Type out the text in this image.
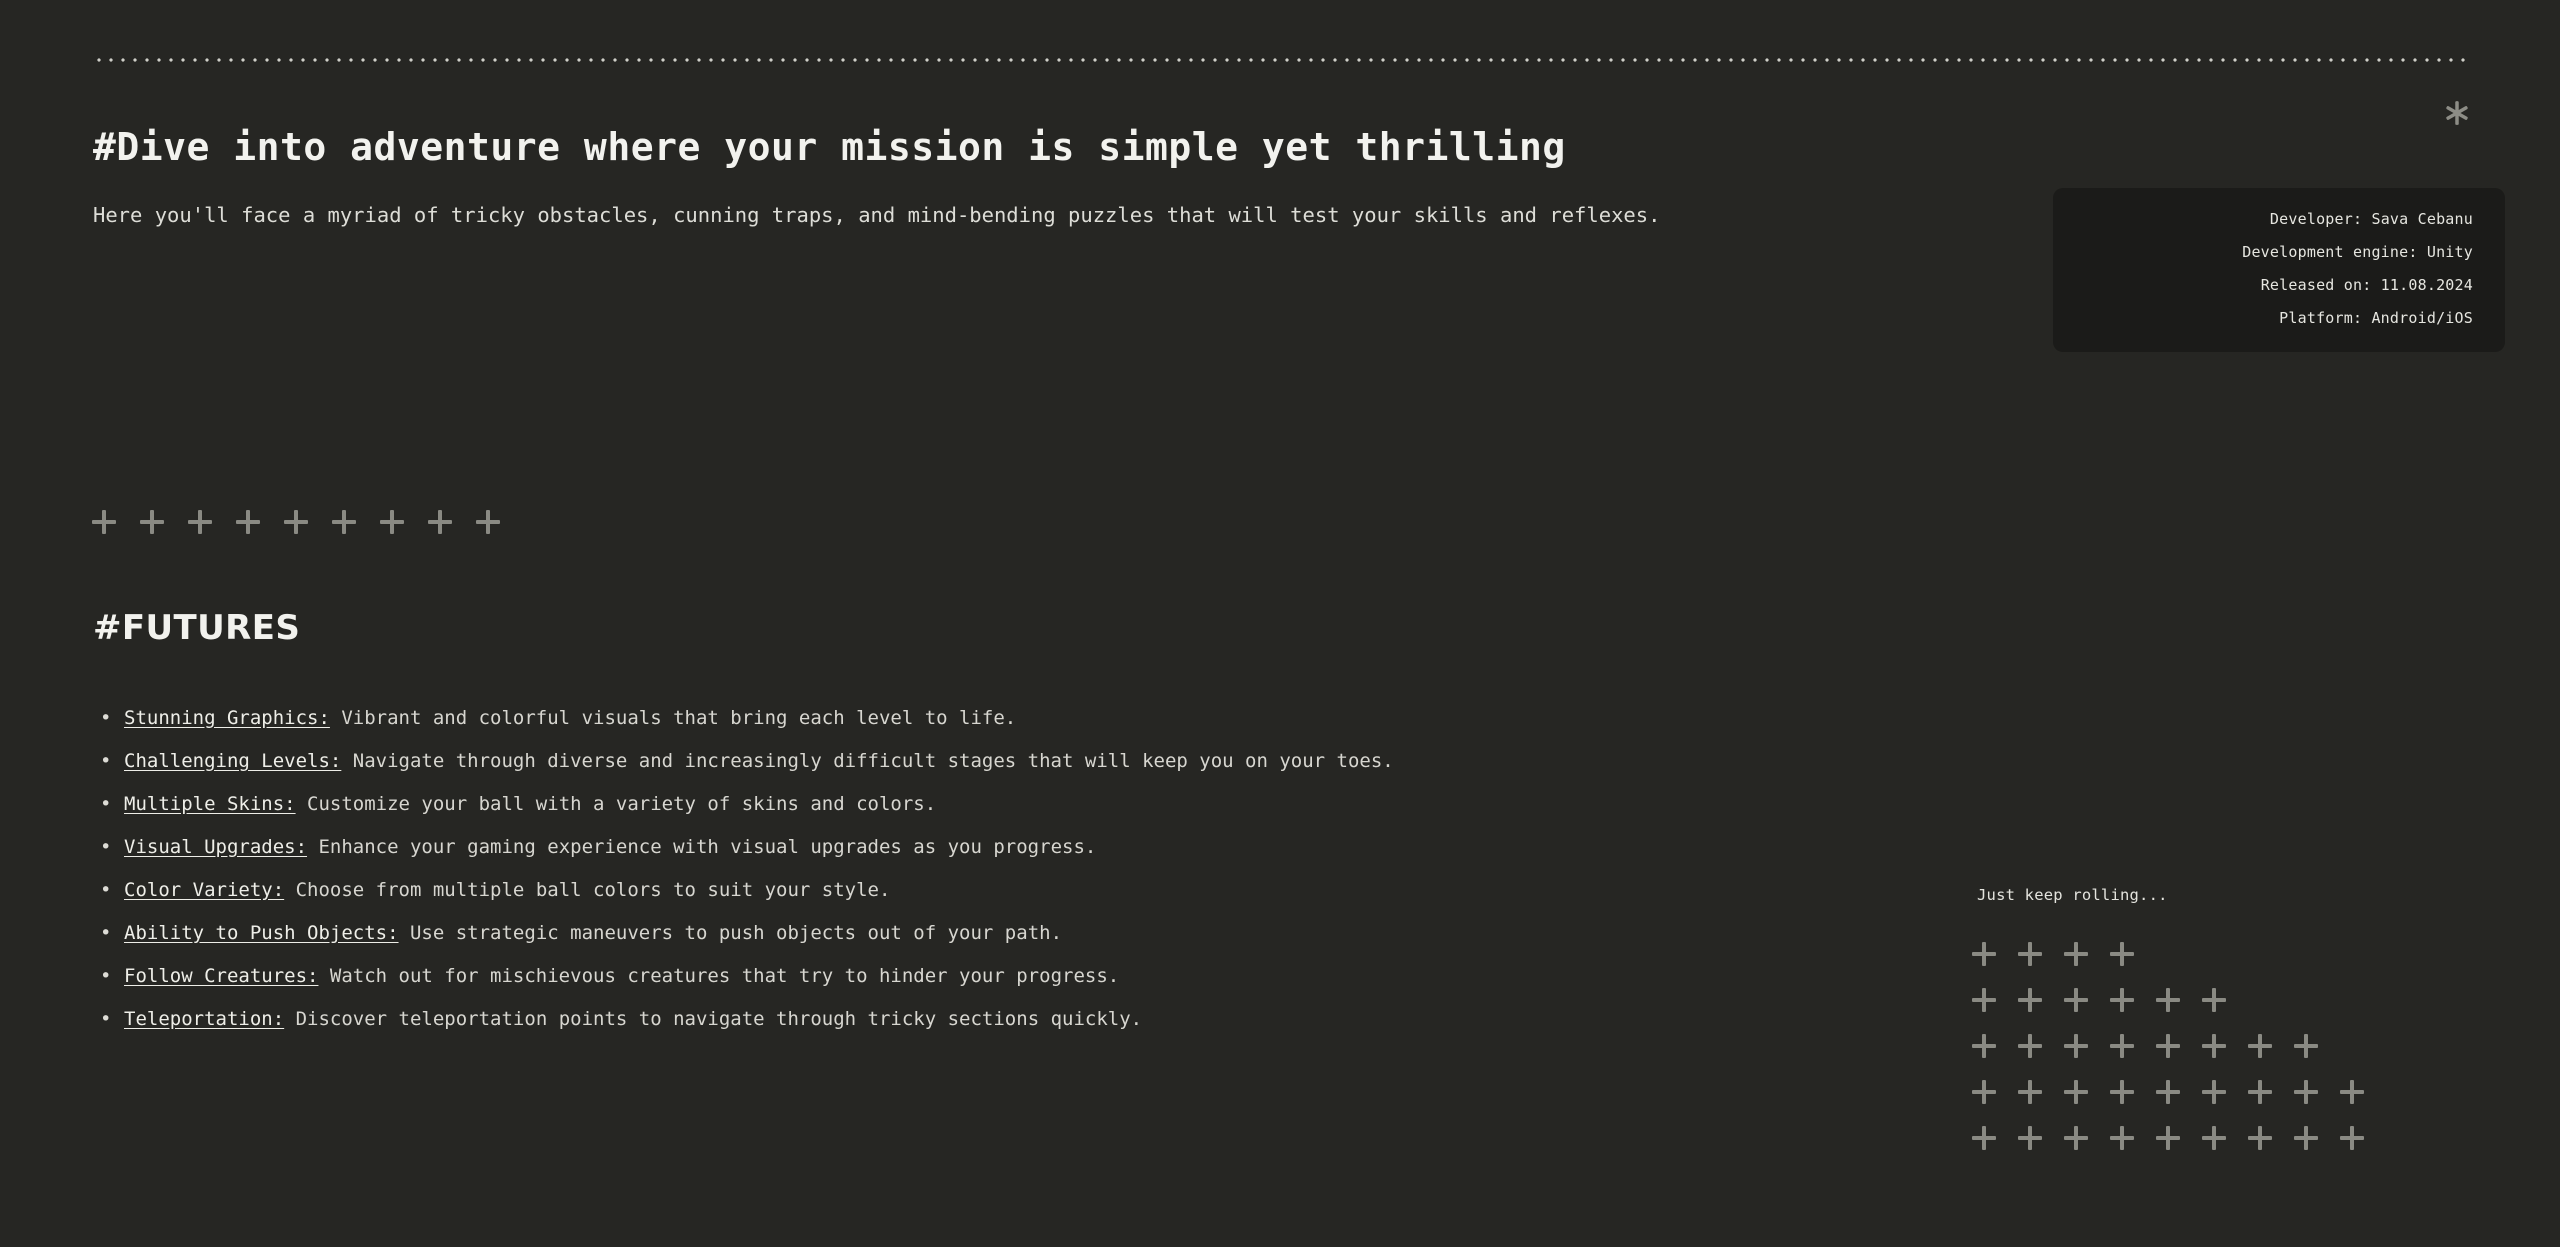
#Dive into adventure where your mission is simple yet thrilling

Here you'll face a myriad of tricky obstacles, cunning traps, and mind-bending puzzles that will test your skills and reflexes.	Developer: Sava Cebanu

Development engine: Unity

Released on: 11.08.2024

Platform: Android/iOS

#FUTURES
• Stunning Graphics: Vibrant and colorful visuals that bring each level to life.
• Challenging Levels: Navigate through diverse and increasingly difficult stages that will keep you on your toes.
• Multiple Skins: Customize your ball with a variety of skins and colors.
• Visual Upgrades: Enhance your gaming experience with visual upgrades as you progress.
• Color Variety: Choose from multiple ball colors to suit your style.
• Ability to Push Objects: Use strategic maneuvers to push objects out of your path.
• Follow Creatures: Watch out for mischievous creatures that try to hinder your progress.
• Teleportation: Discover teleportation points to navigate through tricky sections quickly.
Just keep rolling...
